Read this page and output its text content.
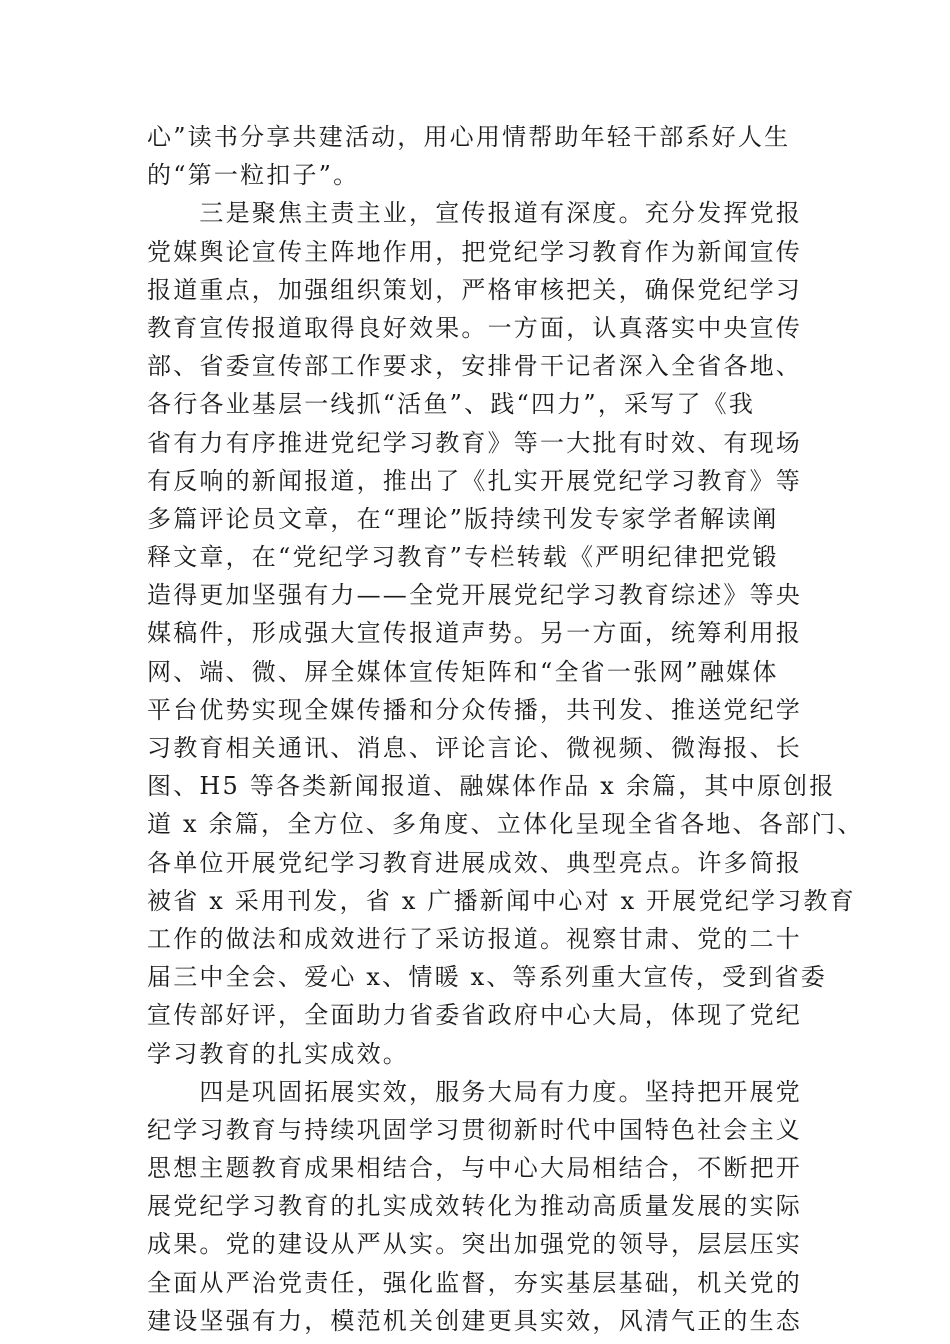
心”读书分享共建活动，用心用情帮助年轻干部系好人生
的“第一粒扣子”。
　　三是聚焦主责主业，宣传报道有深度。充分发挥党报
党媒舆论宣传主阵地作用，把党纪学习教育作为新闻宣传
报道重点，加强组织策划，严格审核把关，确保党纪学习
教育宣传报道取得良好效果。一方面，认真落实中央宣传
部、省委宣传部工作要求，安排骨干记者深入全省各地、
各行各业基层一线抓“活鱼”、践“四力”，采写了《我
省有力有序推进党纪学习教育》等一大批有时效、有现场
有反响的新闻报道，推出了《扎实开展党纪学习教育》等
多篇评论员文章，在“理论”版持续刊发专家学者解读阐
释文章，在“党纪学习教育”专栏转载《严明纪律把党锻
造得更加坚强有力——全党开展党纪学习教育综述》等央
媒稿件，形成强大宣传报道声势。另一方面，统筹利用报
网、端、微、屏全媒体宣传矩阵和“全省一张网”融媒体
平台优势实现全媒传播和分众传播，共刊发、推送党纪学
习教育相关通讯、消息、评论言论、微视频、微海报、长
图、H5 等各类新闻报道、融媒体作品 x 余篇，其中原创报
道 x 余篇，全方位、多角度、立体化呈现全省各地、各部门、
各单位开展党纪学习教育进展成效、典型亮点。许多简报
被省 x 采用刊发，省 x 广播新闻中心对 x 开展党纪学习教育
工作的做法和成效进行了采访报道。视察甘肃、党的二十
届三中全会、爱心 x、情暖 x、等系列重大宣传，受到省委
宣传部好评，全面助力省委省政府中心大局，体现了党纪
学习教育的扎实成效。
　　四是巩固拓展实效，服务大局有力度。坚持把开展党
纪学习教育与持续巩固学习贯彻新时代中国特色社会主义
思想主题教育成果相结合，与中心大局相结合，不断把开
展党纪学习教育的扎实成效转化为推动高质量发展的实际
成果。党的建设从严从实。突出加强党的领导，层层压实
全面从严治党责任，强化监督，夯实基层基础，机关党的
建设坚强有力，模范机关创建更具实效，风清气正的生态
